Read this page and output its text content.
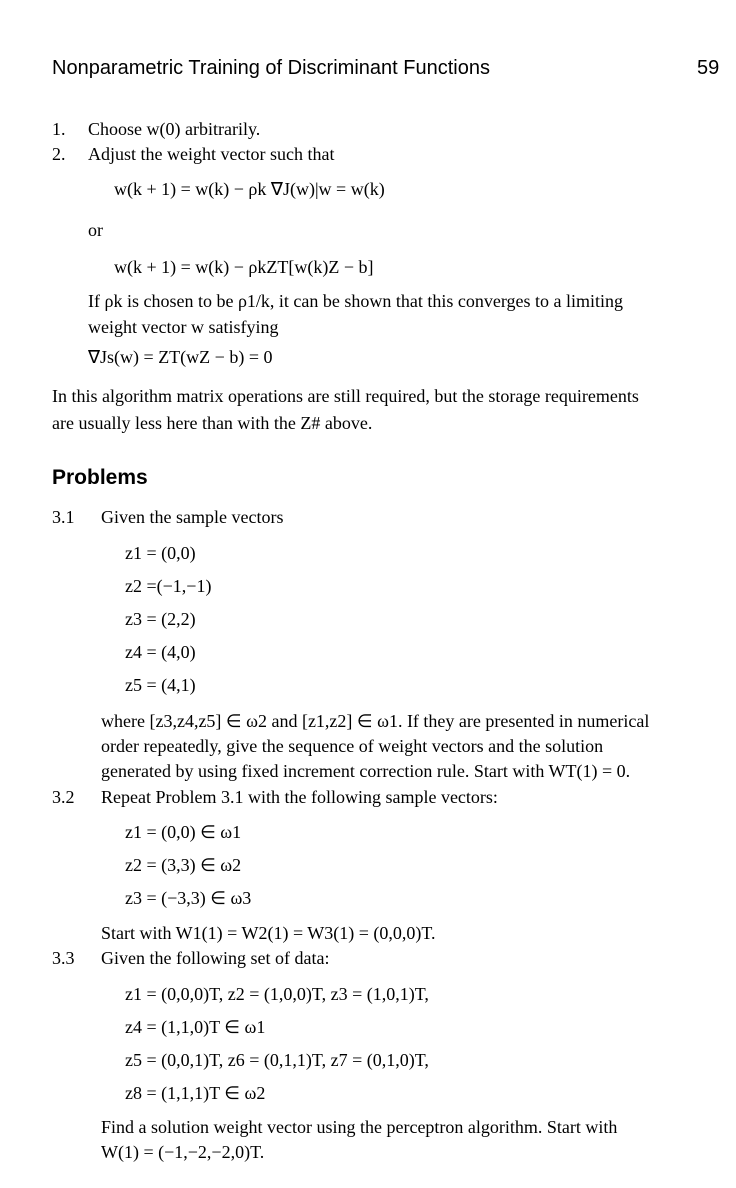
Nonparametric Training of Discriminant Functions	59
1. Choose w(0) arbitrarily.
2. Adjust the weight vector such that
w(k + 1) = w(k) − ρk ∇J(w)|w = w(k)
or
w(k + 1) = w(k) − ρkZT[w(k)Z − b]
If ρk is chosen to be ρ1/k, it can be shown that this converges to a limiting
weight vector w satisfying
∇Js(w) = ZT(wZ − b) = 0
In this algorithm matrix operations are still required, but the storage requirements
are usually less here than with the Z# above.
Problems
3.1 Given the sample vectors
z1 = (0,0)
z2 =(−1,−1)
z3 = (2,2)
z4 = (4,0)
z5 = (4,1)
where [z3,z4,z5] ∈ ω2 and [z1,z2] ∈ ω1. If they are presented in numerical
order repeatedly, give the sequence of weight vectors and the solution
generated by using fixed increment correction rule. Start with WT(1) = 0.
3.2 Repeat Problem 3.1 with the following sample vectors:
z1 = (0,0) ∈ ω1
z2 = (3,3) ∈ ω2
z3 = (−3,3) ∈ ω3
Start with W1(1) = W2(1) = W3(1) = (0,0,0)T.
3.3 Given the following set of data:
z1 = (0,0,0)T, z2 = (1,0,0)T, z3 = (1,0,1)T,
z4 = (1,1,0)T ∈ ω1
z5 = (0,0,1)T, z6 = (0,1,1)T, z7 = (0,1,0)T,
z8 = (1,1,1)T ∈ ω2
Find a solution weight vector using the perceptron algorithm. Start with
W(1) = (−1,−2,−2,0)T.
